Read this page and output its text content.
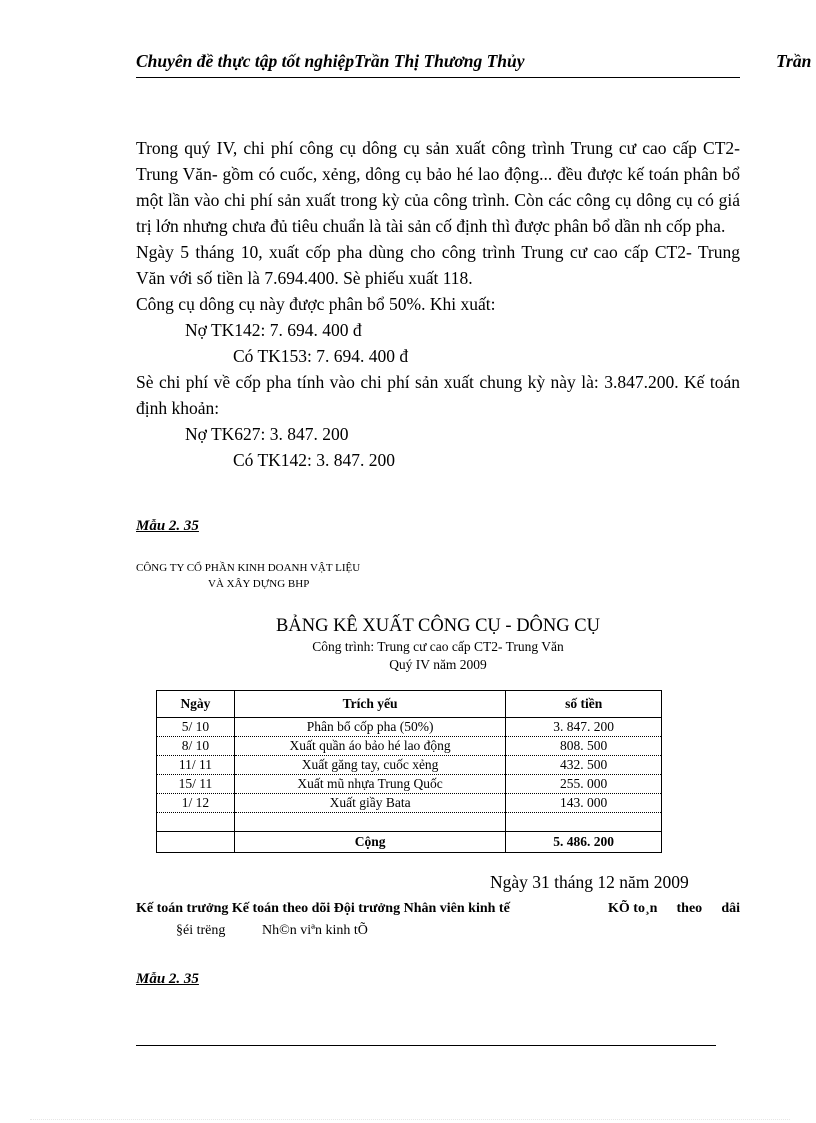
Chuyên đề thực tập tốt nghiệpTrần Thị Thương Thủy	Trần

Trong quý IV, chi phí công cụ dông cụ sản xuất công trình Trung cư cao cấp CT2- Trung Văn- gồm có cuốc, xẻng, dông cụ bảo hé lao động... đều được kế toán phân bổ một lần vào chi phí sản xuất trong kỳ của công trình. Còn các công cụ dông cụ có giá trị lớn nhưng chưa đủ tiêu chuẩn là tài sản cố định thì được phân bổ dần nh cốp pha.

Ngày 5 tháng 10, xuất cốp pha dùng cho công trình Trung cư cao cấp CT2- Trung Văn với số tiền là 7.694.400. Sè phiếu xuất 118.

Công cụ dông cụ này được phân bổ 50%. Khi xuất:

Nợ TK142: 7. 694. 400 đ

Có TK153: 7. 694. 400 đ

Sè chi phí về cốp pha tính vào chi phí sản xuất chung kỳ này là: 3.847.200. Kế toán định khoản:

Nợ TK627: 3. 847. 200

Có TK142: 3. 847. 200

Mẫu 2. 35
CÔNG TY CỔ PHẦN KINH DOANH VẬT LIỆU
VÀ XÂY DỰNG BHP
BẢNG KÊ XUẤT CÔNG CỤ - DÔNG CỤ
Công trình: Trung cư cao cấp CT2- Trung Văn
Quý IV năm 2009
Ngày	Trích yếu	số tiền
5/ 10	Phân bổ cốp pha (50%)	3. 847. 200
8/ 10	Xuất quần áo bảo hé lao động	808. 500
11/ 11	Xuất găng tay, cuốc xẻng	432. 500
15/ 11	Xuất mũ nhựa Trung Quốc	255. 000
1/ 12	Xuất giầy Bata	143. 000

	Cộng	5. 486. 200
Ngày 31 tháng 12 năm 2009
Kế toán trưởng Kế toán theo dõi Đội trưởng Nhân viên kinh tế	KÕ to¸n theo dâi
§éi trëng	Nh©n viªn kinh tÕ
Mẫu 2. 35
